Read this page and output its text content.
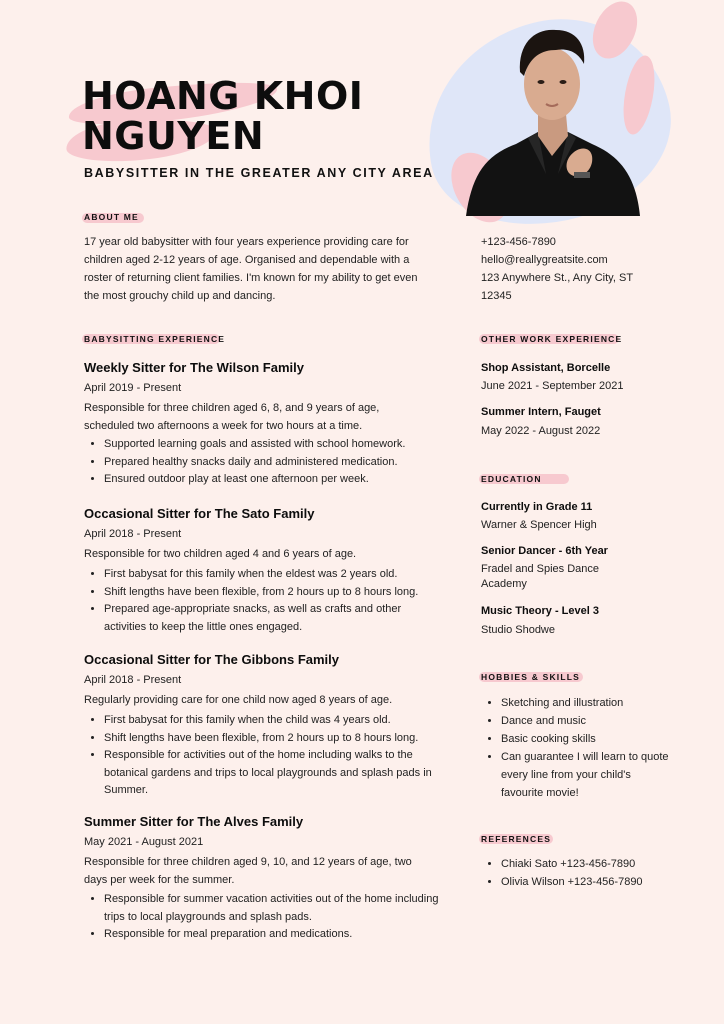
HOANG KHOI
NGUYEN

BABYSITTER IN THE GREATER ANY CITY AREA

ABOUT ME

17 year old babysitter with four years experience providing care for
children aged 2-12 years of age. Organised and dependable with a
roster of returning client families. I'm known for my ability to get even
the most grouchy child up and dancing.
+123-456-7890
hello@reallygreatsite.com
123 Anywhere St., Any City, ST
12345

BABYSITTING EXPERIENCE

Weekly Sitter for The Wilson Family

April 2019 - Present

Responsible for three children aged 6, 8, and 9 years of age,
scheduled two afternoons a week for two hours at a time.
• Supported learning goals and assisted with school homework.
• Prepared healthy snacks daily and administered medication.
• Ensured outdoor play at least one afternoon per week.

Occasional Sitter for The Sato Family

April 2018 - Present

Responsible for two children aged 4 and 6 years of age.
• First babysat for this family when the eldest was 2 years old.
• Shift lengths have been flexible, from 2 hours up to 8 hours long.
• Prepared age-appropriate snacks, as well as crafts and other activities to keep the little ones engaged.

Occasional Sitter for The Gibbons Family

April 2018 - Present

Regularly providing care for one child now aged 8 years of age.
• First babysat for this family when the child was 4 years old.
• Shift lengths have been flexible, from 2 hours up to 8 hours long.
• Responsible for activities out of the home including walks to the botanical gardens and trips to local playgrounds and splash pads in Summer.

Summer Sitter for The Alves Family

May 2021 - August 2021

Responsible for three children aged 9, 10, and 12 years of age, two
days per week for the summer.
• Responsible for summer vacation activities out of the home including trips to local playgrounds and splash pads.
• Responsible for meal preparation and medications.

OTHER WORK EXPERIENCE

Shop Assistant, Borcelle

June 2021 - September 2021

Summer Intern, Fauget

May 2022 - August 2022

EDUCATION

Currently in Grade 11

Warner & Spencer High

Senior Dancer - 6th Year

Fradel and Spies Dance Academy

Music Theory - Level 3

Studio Shodwe

HOBBIES & SKILLS

• Sketching and illustration
• Dance and music
• Basic cooking skills
• Can guarantee I will learn to quote every line from your child's favourite movie!

REFERENCES

• Chiaki Sato +123-456-7890
• Olivia Wilson +123-456-7890
